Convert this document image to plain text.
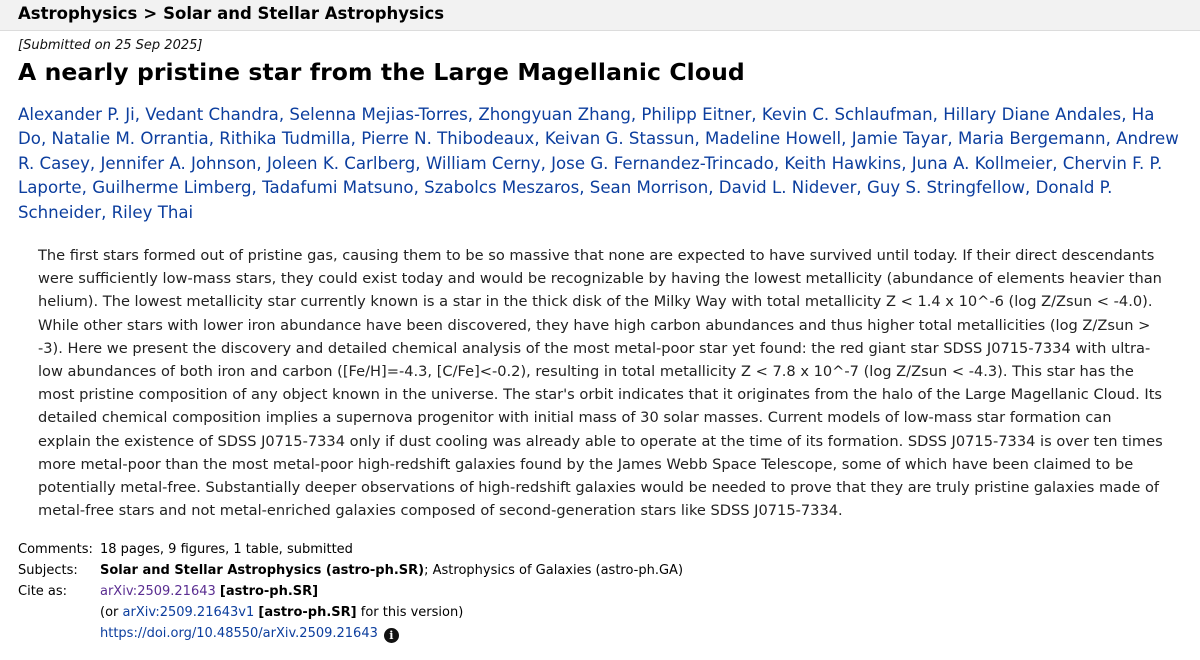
Astrophysics > Solar and Stellar Astrophysics
[Submitted on 25 Sep 2025]
A nearly pristine star from the Large Magellanic Cloud
Alexander P. Ji, Vedant Chandra, Selenna Mejias-Torres, Zhongyuan Zhang, Philipp Eitner, Kevin C. Schlaufman, Hillary Diane Andales, Ha Do, Natalie M. Orrantia, Rithika Tudmilla, Pierre N. Thibodeaux, Keivan G. Stassun, Madeline Howell, Jamie Tayar, Maria Bergemann, Andrew R. Casey, Jennifer A. Johnson, Joleen K. Carlberg, William Cerny, Jose G. Fernandez-Trincado, Keith Hawkins, Juna A. Kollmeier, Chervin F. P. Laporte, Guilherme Limberg, Tadafumi Matsuno, Szabolcs Meszaros, Sean Morrison, David L. Nidever, Guy S. Stringfellow, Donald P. Schneider, Riley Thai
The first stars formed out of pristine gas, causing them to be so massive that none are expected to have survived until today. If their direct descendants were sufficiently low-mass stars, they could exist today and would be recognizable by having the lowest metallicity (abundance of elements heavier than helium). The lowest metallicity star currently known is a star in the thick disk of the Milky Way with total metallicity Z < 1.4 x 10^-6 (log Z/Zsun < -4.0). While other stars with lower iron abundance have been discovered, they have high carbon abundances and thus higher total metallicities (log Z/Zsun > -3). Here we present the discovery and detailed chemical analysis of the most metal-poor star yet found: the red giant star SDSS J0715-7334 with ultra-low abundances of both iron and carbon ([Fe/H]=-4.3, [C/Fe]<-0.2), resulting in total metallicity Z < 7.8 x 10^-7 (log Z/Zsun < -4.3). This star has the most pristine composition of any object known in the universe. The star's orbit indicates that it originates from the halo of the Large Magellanic Cloud. Its detailed chemical composition implies a supernova progenitor with initial mass of 30 solar masses. Current models of low-mass star formation can explain the existence of SDSS J0715-7334 only if dust cooling was already able to operate at the time of its formation. SDSS J0715-7334 is over ten times more metal-poor than the most metal-poor high-redshift galaxies found by the James Webb Space Telescope, some of which have been claimed to be potentially metal-free. Substantially deeper observations of high-redshift galaxies would be needed to prove that they are truly pristine galaxies made of metal-free stars and not metal-enriched galaxies composed of second-generation stars like SDSS J0715-7334.
Comments: 18 pages, 9 figures, 1 table, submitted
Subjects:	Solar and Stellar Astrophysics (astro-ph.SR); Astrophysics of Galaxies (astro-ph.GA)
Cite as:	arXiv:2509.21643 [astro-ph.SR]
(or arXiv:2509.21643v1 [astro-ph.SR] for this version)
https://doi.org/10.48550/arXiv.2509.21643 i
